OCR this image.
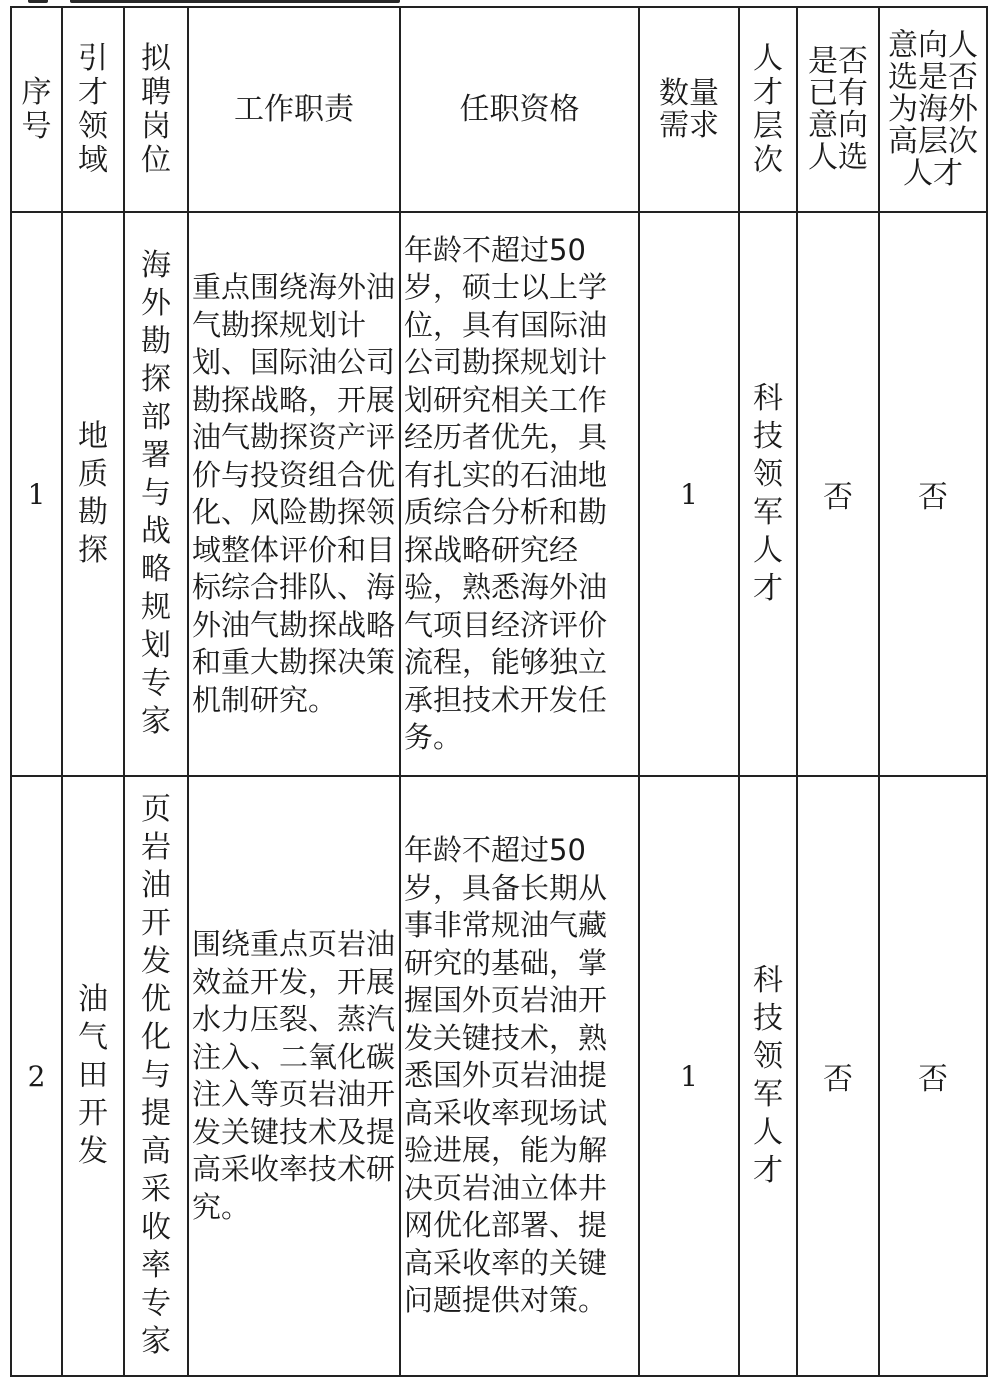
序号	引才领域	拟聘岗位	工作职责	任职资格	数量需求	人才层次	是否已有意向人选	意向人选是否为海外高层次人才

1	地质勘探	海外勘探部署与战略规划专家	重点围绕海外油气勘探规划计划、国际油公司勘探战略，开展油气勘探资产评价与投资组合优化、风险勘探领域整体评价和目标综合排队、海外油气勘探战略和重大勘探决策机制研究。	年龄不超过50岁，硕士以上学位，具有国际油公司勘探规划计划研究相关工作经历者优先，具有扎实的石油地质综合分析和勘探战略研究经验，熟悉海外油气项目经济评价流程，能够独立承担技术开发任务。	1	科技领军人才	否	否
2	油气田开发	页岩油开发优化与提高采收率专家	围绕重点页岩油效益开发，开展水力压裂、蒸汽注入、二氧化碳注入等页岩油开发关键技术及提高采收率技术研究。	年龄不超过50岁，具备长期从事非常规油气藏研究的基础，掌握国外页岩油开发关键技术，熟悉国外页岩油提高采收率现场试验进展，能为解决页岩油立体井网优化部署、提高采收率的关键问题提供对策。	1	科技领军人才	否	否
